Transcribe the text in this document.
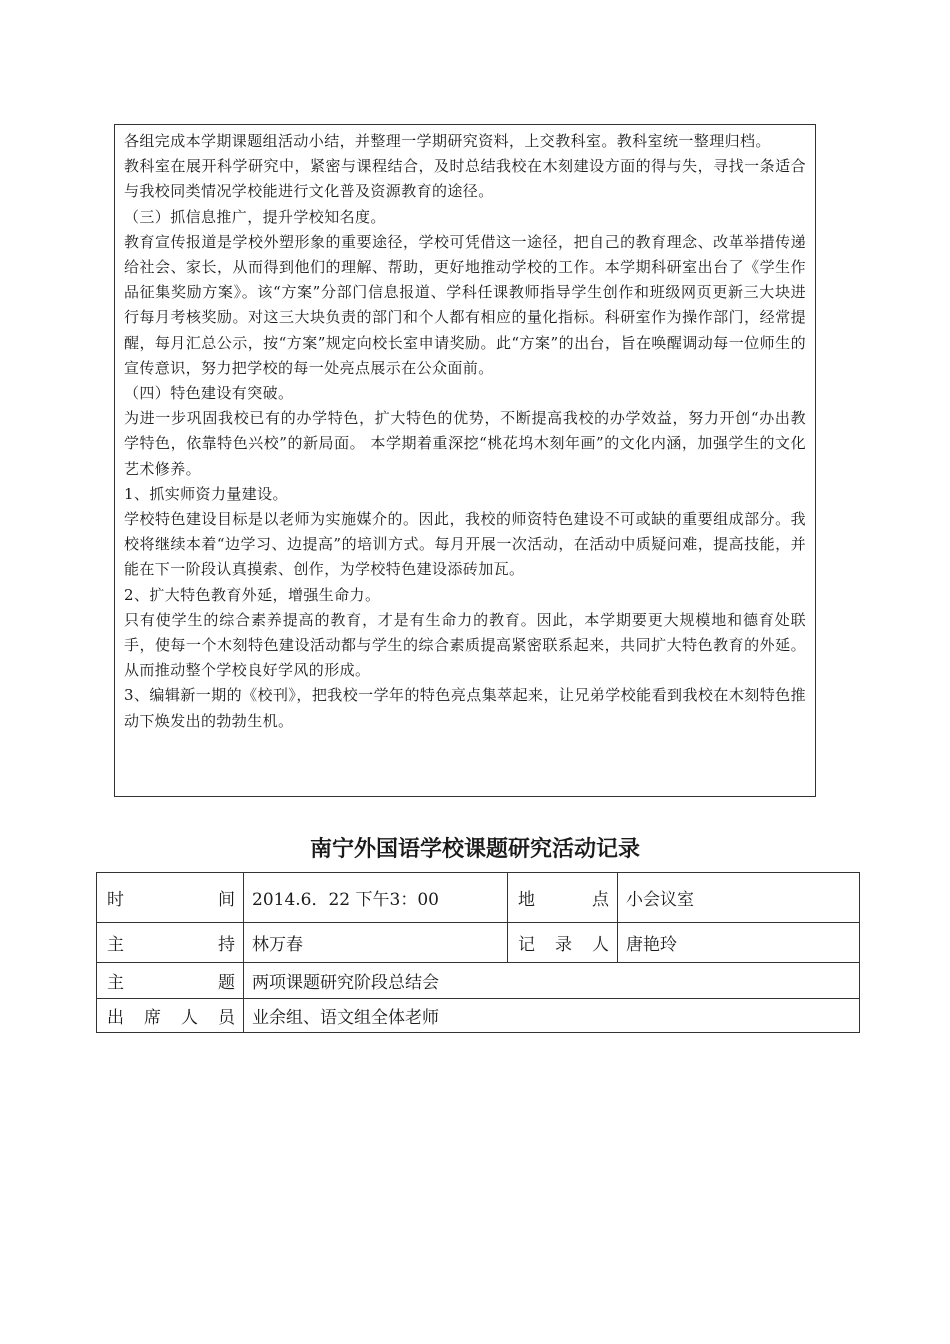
各组完成本学期课题组活动小结，并整理一学期研究资料，上交教科室。教科室统一整理归档。

教科室在展开科学研究中，紧密与课程结合，及时总结我校在木刻建设方面的得与失，寻找一条适合与我校同类情况学校能进行文化普及资源教育的途径。

（三）抓信息推广，提升学校知名度。

教育宣传报道是学校外塑形象的重要途径，学校可凭借这一途径，把自己的教育理念、改革举措传递给社会、家长，从而得到他们的理解、帮助，更好地推动学校的工作。本学期科研室出台了《学生作品征集奖励方案》。该“方案”分部门信息报道、学科任课教师指导学生创作和班级网页更新三大块进行每月考核奖励。对这三大块负责的部门和个人都有相应的量化指标。科研室作为操作部门，经常提醒，每月汇总公示，按“方案”规定向校长室申请奖励。此“方案”的出台，旨在唤醒调动每一位师生的宣传意识，努力把学校的每一处亮点展示在公众面前。

（四）特色建设有突破。

为进一步巩固我校已有的办学特色，扩大特色的优势，不断提高我校的办学效益，努力开创“办出教学特色，依靠特色兴校”的新局面。 本学期着重深挖“桃花坞木刻年画”的文化内涵，加强学生的文化艺术修养。

1、抓实师资力量建设。

学校特色建设目标是以老师为实施媒介的。因此，我校的师资特色建设不可或缺的重要组成部分。我校将继续本着“边学习、边提高”的培训方式。每月开展一次活动，在活动中质疑问难，提高技能，并能在下一阶段认真摸索、创作，为学校特色建设添砖加瓦。

2、扩大特色教育外延，增强生命力。

只有使学生的综合素养提高的教育，才是有生命力的教育。因此，本学期要更大规模地和德育处联手，使每一个木刻特色建设活动都与学生的综合素质提高紧密联系起来，共同扩大特色教育的外延。从而推动整个学校良好学风的形成。

3、编辑新一期的《校刊》，把我校一学年的特色亮点集萃起来，让兄弟学校能看到我校在木刻特色推动下焕发出的勃勃生机。

南宁外国语学校课题研究活动记录
时间	2014.6．22 下午3：00	地点	小会议室
主持	林万春	记录人	唐艳玲
主题	两项课题研究阶段总结会		
出席人员	业余组、语文组全体老师		
